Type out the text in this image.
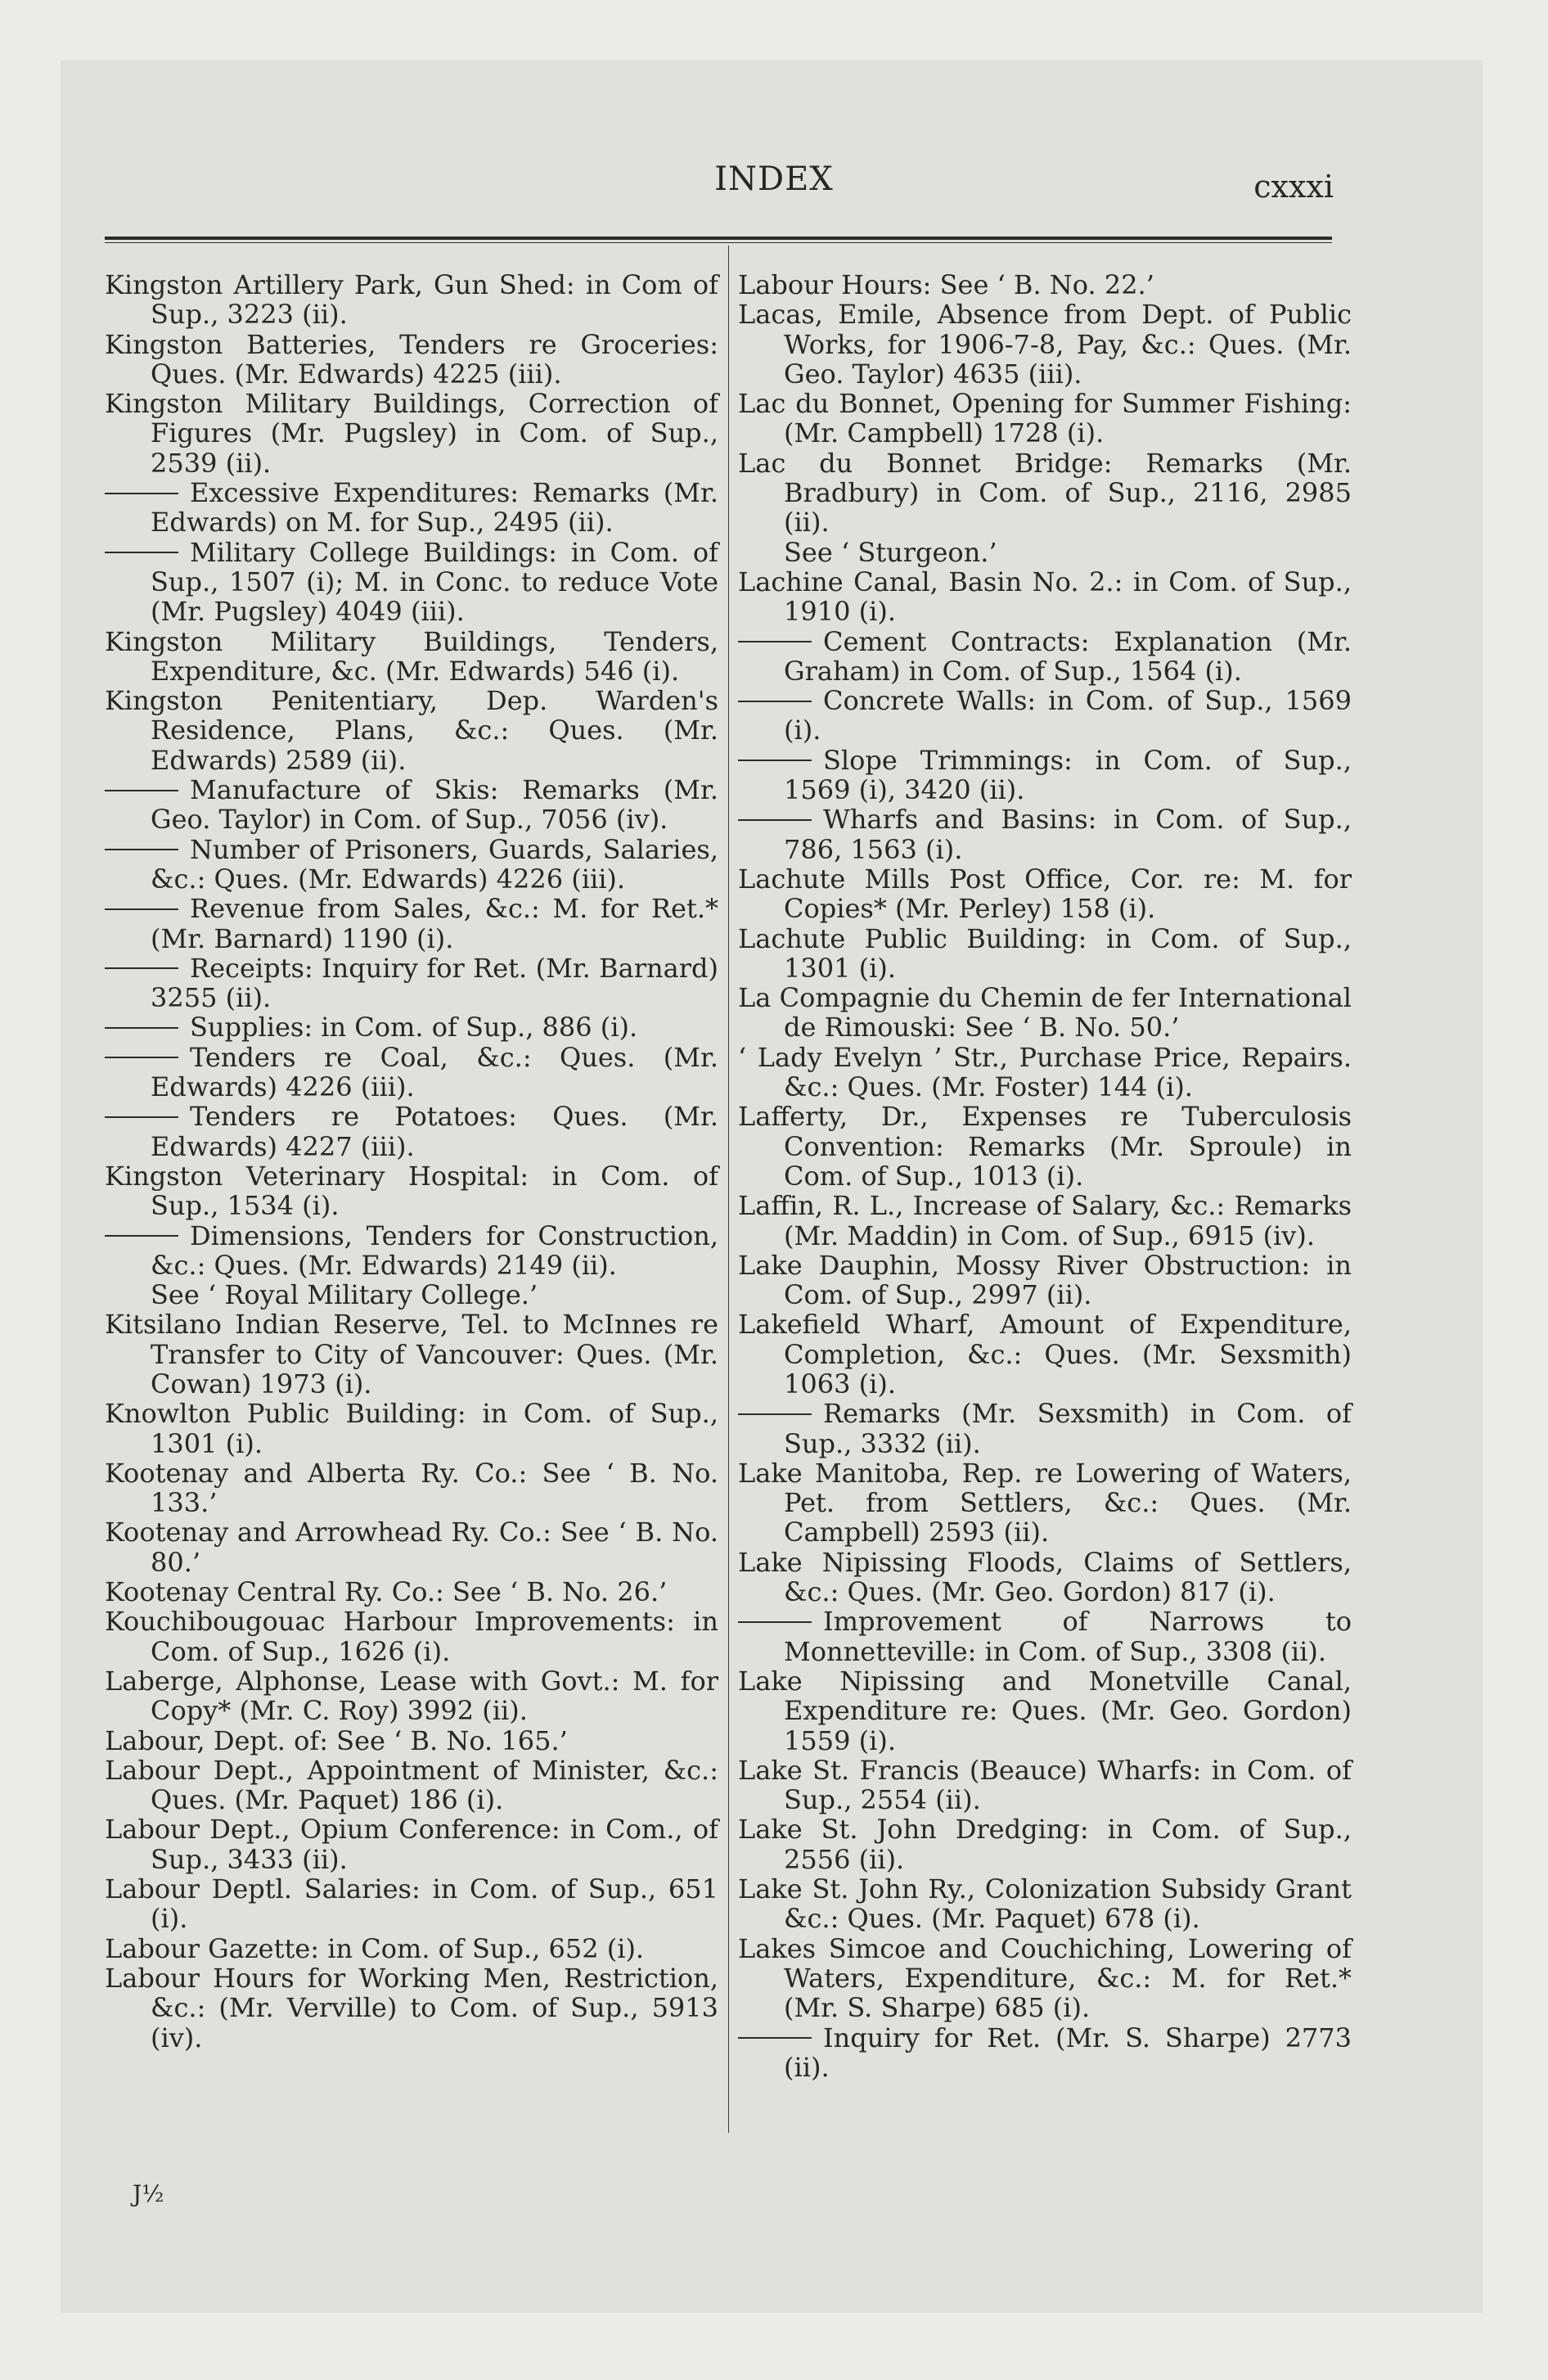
INDEX	cxxxi

Kingston Artillery Park, Gun Shed: in Com of Sup., 3223 (ii).

Kingston Batteries, Tenders re Groceries: Ques. (Mr. Edwards) 4225 (iii).

Kingston Military Buildings, Correction of Figures (Mr. Pugsley) in Com. of Sup., 2539 (ii).

Excessive Expenditures: Remarks (Mr. Edwards) on M. for Sup., 2495 (ii).

Military College Buildings: in Com. of Sup., 1507 (i); M. in Conc. to reduce Vote (Mr. Pugsley) 4049 (iii).

Kingston Military Buildings, Tenders, Expenditure, &c. (Mr. Edwards) 546 (i).

Kingston Penitentiary, Dep. Warden's Residence, Plans, &c.: Ques. (Mr. Edwards) 2589 (ii).

Manufacture of Skis: Remarks (Mr. Geo. Taylor) in Com. of Sup., 7056 (iv).

Number of Prisoners, Guards, Salaries, &c.: Ques. (Mr. Edwards) 4226 (iii).

Revenue from Sales, &c.: M. for Ret.* (Mr. Barnard) 1190 (i).

Receipts: Inquiry for Ret. (Mr. Barnard) 3255 (ii).

Supplies: in Com. of Sup., 886 (i).

Tenders re Coal, &c.: Ques. (Mr. Edwards) 4226 (iii).

Tenders re Potatoes: Ques. (Mr. Edwards) 4227 (iii).

Kingston Veterinary Hospital: in Com. of Sup., 1534 (i).

Dimensions, Tenders for Construction, &c.: Ques. (Mr. Edwards) 2149 (ii).

See ‘ Royal Military College.’

Kitsilano Indian Reserve, Tel. to McInnes re Transfer to City of Vancouver: Ques. (Mr. Cowan) 1973 (i).

Knowlton Public Building: in Com. of Sup., 1301 (i).

Kootenay and Alberta Ry. Co.: See ‘ B. No. 133.’

Kootenay and Arrowhead Ry. Co.: See ‘ B. No. 80.’

Kootenay Central Ry. Co.: See ‘ B. No. 26.’

Kouchibougouac Harbour Improvements: in Com. of Sup., 1626 (i).

Laberge, Alphonse, Lease with Govt.: M. for Copy* (Mr. C. Roy) 3992 (ii).

Labour, Dept. of: See ‘ B. No. 165.’

Labour Dept., Appointment of Minister, &c.: Ques. (Mr. Paquet) 186 (i).

Labour Dept., Opium Conference: in Com., of Sup., 3433 (ii).

Labour Deptl. Salaries: in Com. of Sup., 651 (i).

Labour Gazette: in Com. of Sup., 652 (i).

Labour Hours for Working Men, Restriction, &c.: (Mr. Verville) to Com. of Sup., 5913 (iv).

Labour Hours: See ‘ B. No. 22.’

Lacas, Emile, Absence from Dept. of Public Works, for 1906-7-8, Pay, &c.: Ques. (Mr. Geo. Taylor) 4635 (iii).

Lac du Bonnet, Opening for Summer Fishing: (Mr. Campbell) 1728 (i).

Lac du Bonnet Bridge: Remarks (Mr. Bradbury) in Com. of Sup., 2116, 2985 (ii).

See ‘ Sturgeon.’

Lachine Canal, Basin No. 2.: in Com. of Sup., 1910 (i).

Cement Contracts: Explanation (Mr. Graham) in Com. of Sup., 1564 (i).

Concrete Walls: in Com. of Sup., 1569 (i).

Slope Trimmings: in Com. of Sup., 1569 (i), 3420 (ii).

Wharfs and Basins: in Com. of Sup., 786, 1563 (i).

Lachute Mills Post Office, Cor. re: M. for Copies* (Mr. Perley) 158 (i).

Lachute Public Building: in Com. of Sup., 1301 (i).

La Compagnie du Chemin de fer International de Rimouski: See ‘ B. No. 50.’

‘ Lady Evelyn ’ Str., Purchase Price, Repairs. &c.: Ques. (Mr. Foster) 144 (i).

Lafferty, Dr., Expenses re Tuberculosis Convention: Remarks (Mr. Sproule) in Com. of Sup., 1013 (i).

Laffin, R. L., Increase of Salary, &c.: Remarks (Mr. Maddin) in Com. of Sup., 6915 (iv).

Lake Dauphin, Mossy River Obstruction: in Com. of Sup., 2997 (ii).

Lakefield Wharf, Amount of Expenditure, Completion, &c.: Ques. (Mr. Sexsmith) 1063 (i).

Remarks (Mr. Sexsmith) in Com. of Sup., 3332 (ii).

Lake Manitoba, Rep. re Lowering of Waters, Pet. from Settlers, &c.: Ques. (Mr. Campbell) 2593 (ii).

Lake Nipissing Floods, Claims of Settlers, &c.: Ques. (Mr. Geo. Gordon) 817 (i).

Improvement of Narrows to Monnetteville: in Com. of Sup., 3308 (ii).

Lake Nipissing and Monetville Canal, Expenditure re: Ques. (Mr. Geo. Gordon) 1559 (i).

Lake St. Francis (Beauce) Wharfs: in Com. of Sup., 2554 (ii).

Lake St. John Dredging: in Com. of Sup., 2556 (ii).

Lake St. John Ry., Colonization Subsidy Grant &c.: Ques. (Mr. Paquet) 678 (i).

Lakes Simcoe and Couchiching, Lowering of Waters, Expenditure, &c.: M. for Ret.* (Mr. S. Sharpe) 685 (i).

Inquiry for Ret. (Mr. S. Sharpe) 2773 (ii).

J½
